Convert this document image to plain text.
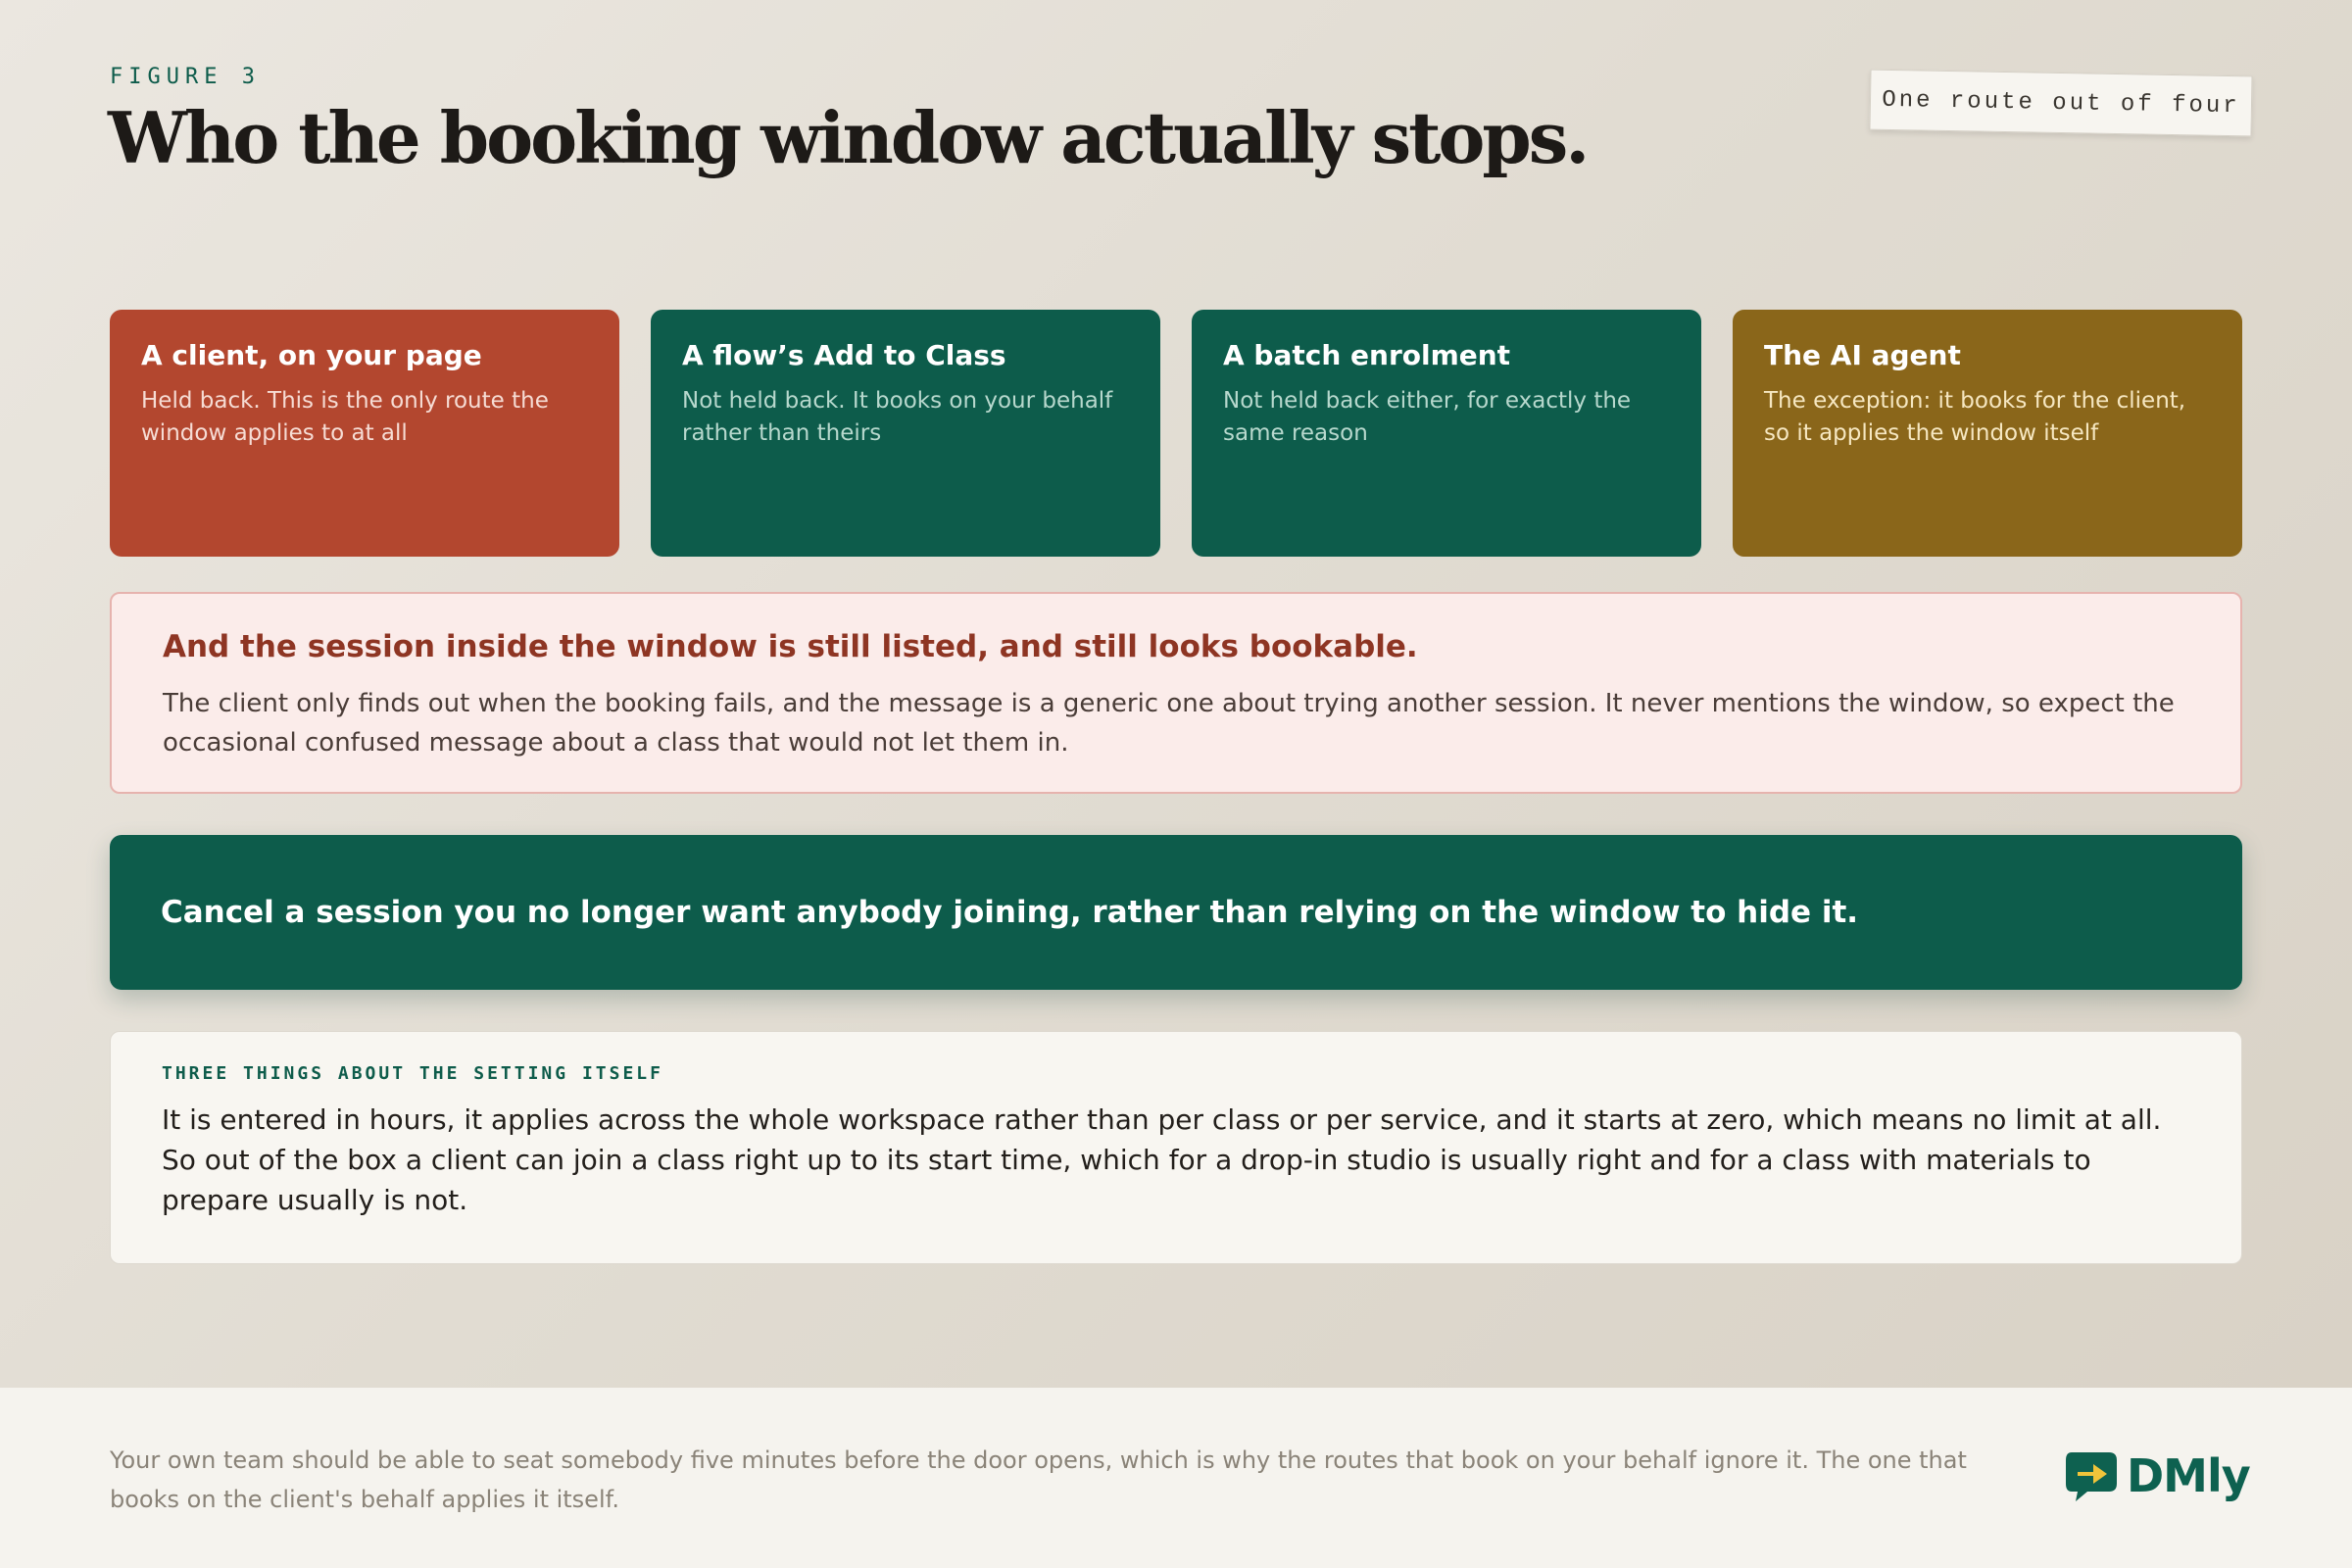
FIGURE 3
Who the booking window actually stops.	One route out of four
A client, on your page
Held back. This is the only route the window applies to at all
A flow’s Add to Class
Not held back. It books on your behalf rather than theirs
A batch enrolment
Not held back either, for exactly the same reason
The AI agent
The exception: it books for the client, so it applies the window itself
And the session inside the window is still listed, and still looks bookable.
The client only finds out when the booking fails, and the message is a generic one about trying another session. It never mentions the window, so expect the occasional confused message about a class that would not let them in.
Cancel a session you no longer want anybody joining, rather than relying on the window to hide it.
THREE THINGS ABOUT THE SETTING ITSELF
It is entered in hours, it applies across the whole workspace rather than per class or per service, and it starts at zero, which means no limit at all. So out of the box a client can join a class right up to its start time, which for a drop-in studio is usually right and for a class with materials to prepare usually is not.
Your own team should be able to seat somebody five minutes before the door opens, which is why the routes that book on your behalf ignore it. The one that books on the client's behalf applies it itself.	DMly
